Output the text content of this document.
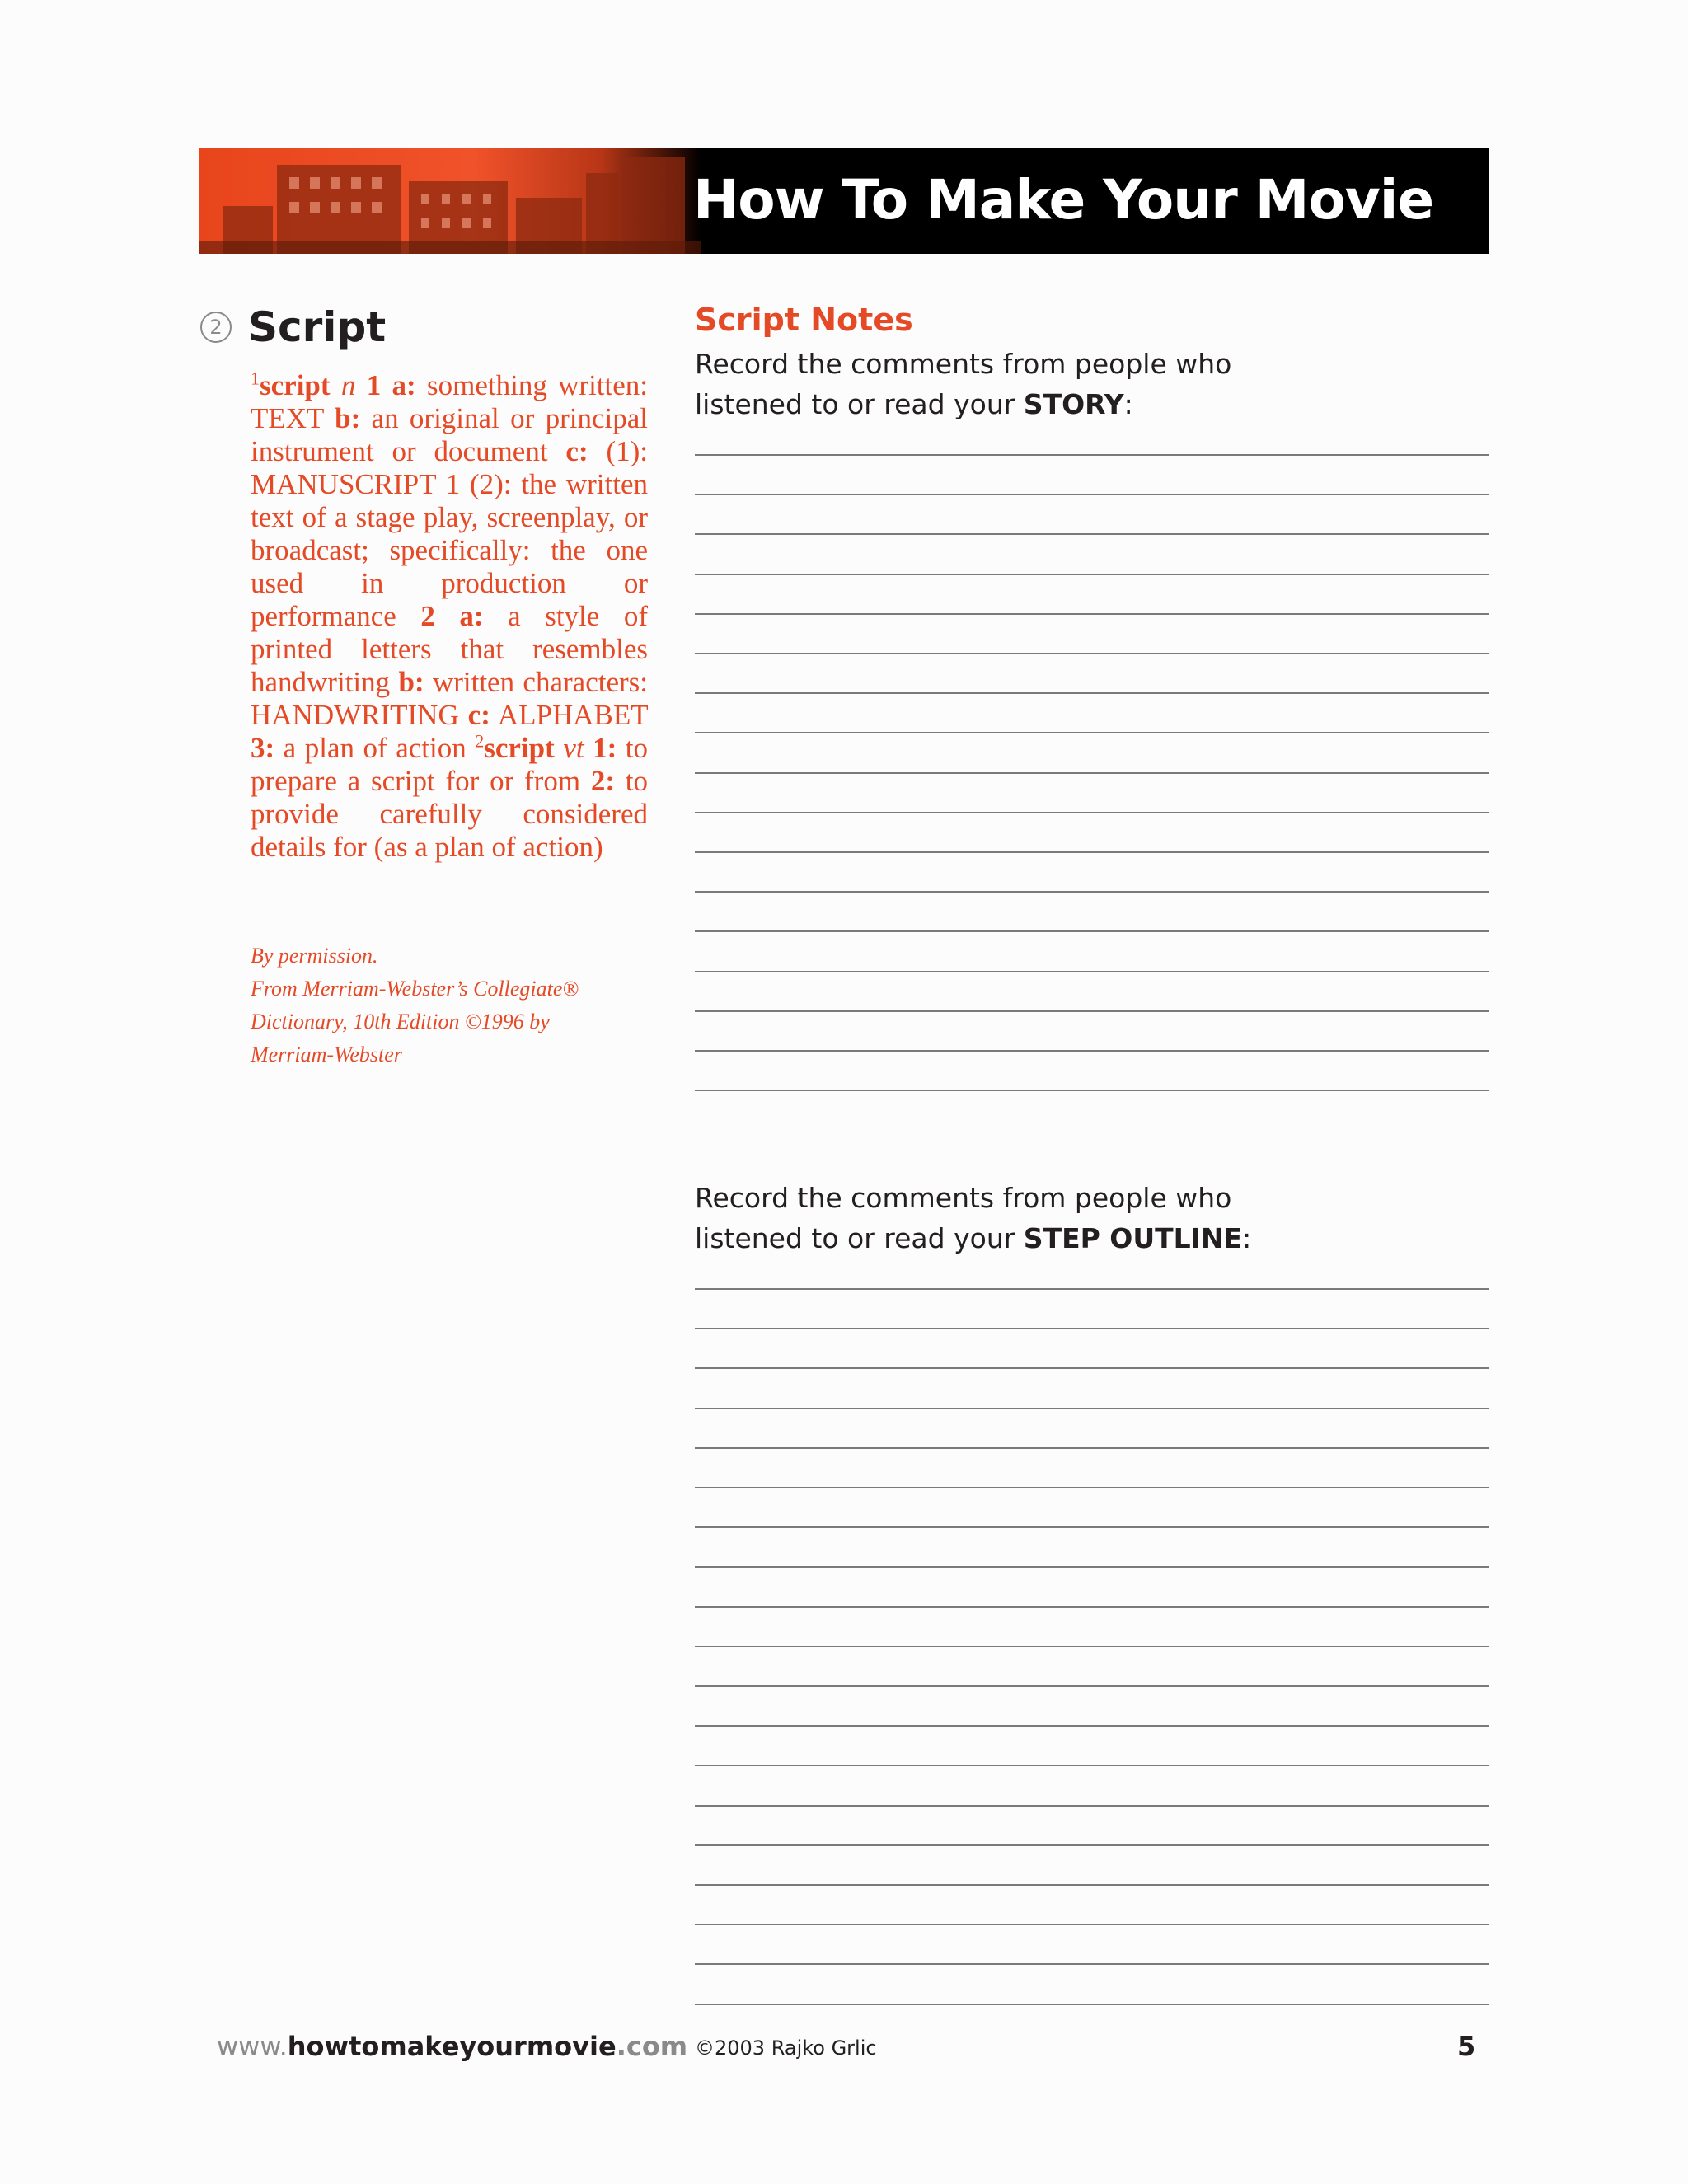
How To Make Your Movie
2 Script
$^1$script n 1 a: something written: TEXT b: an original or principal instrument or document c: (1): MANUSCRIPT 1 (2): the written text of a stage play, screenplay, or broadcast; specifically: the one used in production or performance 2 a: a style of printed letters that resembles handwriting b: written characters: HANDWRITING c: ALPHABET 3: a plan of action $^2$script vt 1: to prepare a script for or from 2: to provide carefully considered details for (as a plan of action)
By permission.
From Merriam-Webster’s Collegiate®
Dictionary, 10th Edition ©1996 by
Merriam-Webster
Script Notes
Record the comments from people who
listened to or read your STORY:
Record the comments from people who
listened to or read your STEP OUTLINE:
www.howtomakeyourmovie.com ©2003 Rajko Grlic	5
